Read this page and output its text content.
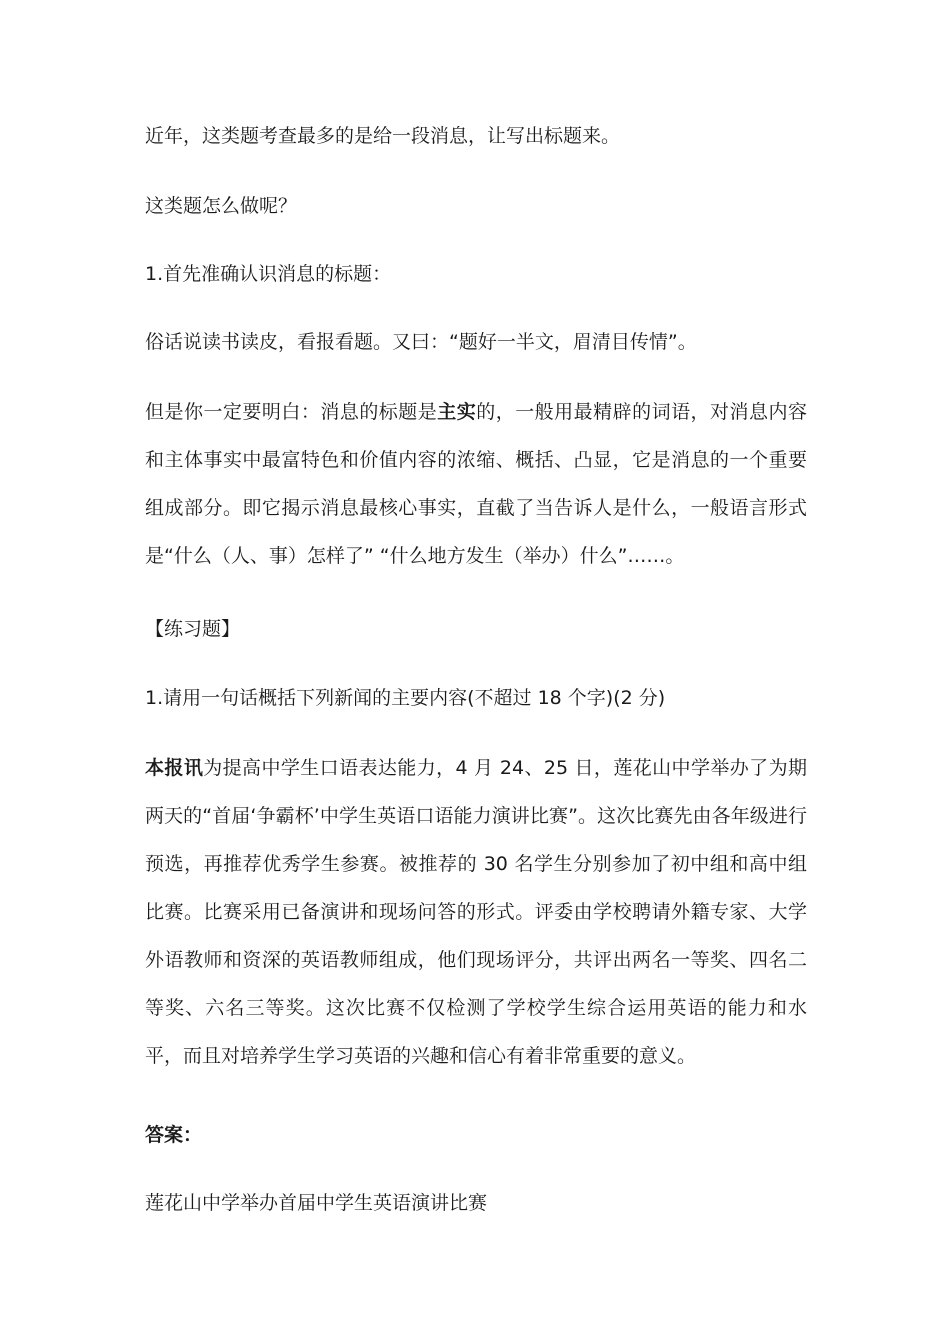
近年，这类题考查最多的是给一段消息，让写出标题来。

这类题怎么做呢？

1.首先准确认识消息的标题：

俗话说读书读皮，看报看题。又曰：“题好一半文，眉清目传情”。

但是你一定要明白：消息的标题是主实的，一般用最精辟的词语，对消息内容和主体事实中最富特色和价值内容的浓缩、概括、凸显，它是消息的一个重要组成部分。即它揭示消息最核心事实，直截了当告诉人是什么，一般语言形式是“什么（人、事）怎样了” “什么地方发生（举办）什么”……。

【练习题】

1.请用一句话概括下列新闻的主要内容(不超过 18 个字)(2 分)

本报讯为提高中学生口语表达能力，4 月 24、25 日，莲花山中学举办了为期两天的“首届‘争霸杯’中学生英语口语能力演讲比赛”。这次比赛先由各年级进行预选，再推荐优秀学生参赛。被推荐的 30 名学生分别参加了初中组和高中组比赛。比赛采用已备演讲和现场问答的形式。评委由学校聘请外籍专家、大学外语教师和资深的英语教师组成，他们现场评分，共评出两名一等奖、四名二等奖、六名三等奖。这次比赛不仅检测了学校学生综合运用英语的能力和水平，而且对培养学生学习英语的兴趣和信心有着非常重要的意义。

答案：

莲花山中学举办首届中学生英语演讲比赛
